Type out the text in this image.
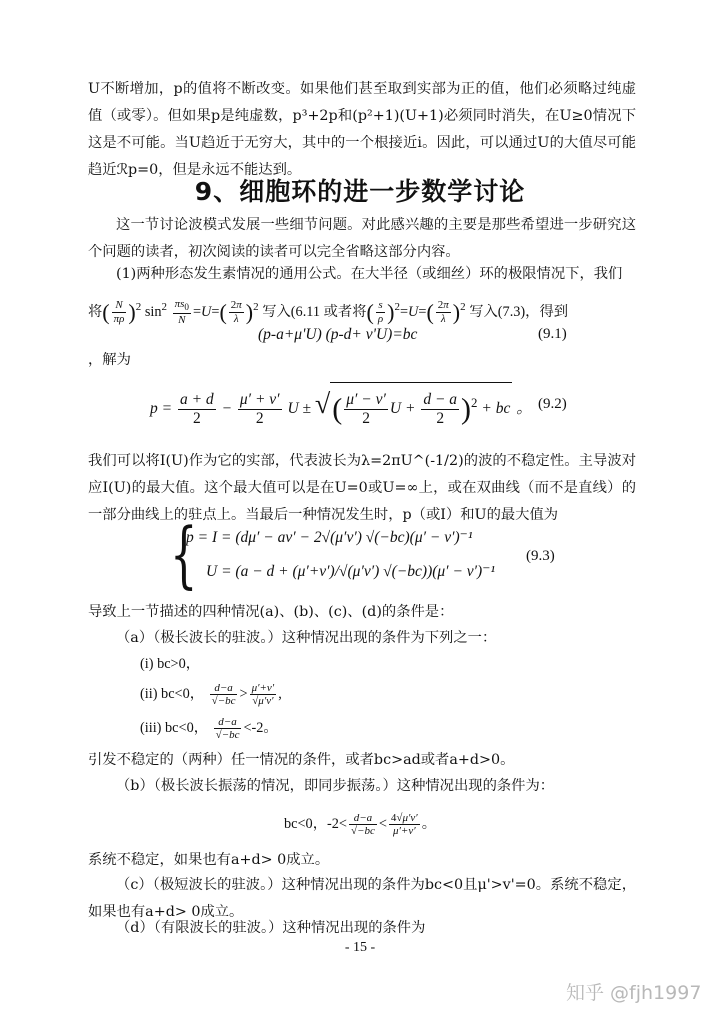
U不断增加，p的值将不断改变。如果他们甚至取到实部为正的值，他们必须略过纯虚值（或零）。但如果p是纯虚数，p³+2p和(p²+1)(U+1)必须同时消失，在U≥0情况下这是不可能。当U趋近于无穷大，其中的一个根接近i。因此，可以通过U的大值尽可能趋近ℛp=0，但是永远不能达到。
9、细胞环的进一步数学讨论
这一节讨论波模式发展一些细节问题。对此感兴趣的主要是那些希望进一步研究这个问题的读者，初次阅读的读者可以完全省略这部分内容。
(1)两种形态发生素情况的通用公式。在大半径（或细丝）环的极限情况下，我们
将( $\frac{N}{\pi\rho} )^2$ $\sin^2 \frac{\pi s_0}{N} =U=( \frac{2\pi}{\lambda} )^2$ 写入(6.11 或者将( $\frac{s}{\rho} )^2=U=( \frac{2\pi}{\lambda} )^2$ 写入(7.3)，得到
(p-a+μ'U) (p-d+ v'U)=bc	(9.1)
，解为
$p = \frac{a + d}{2} - \frac{\mu' + v'}{2}$ U ± √( $\frac{\mu' - v'}{2}$ $U + \frac{d - a}{2} )^2$ + bc 。 (9.2)
我们可以将I(U)作为它的实部，代表波长为λ=2πU^(-1/2)的波的不稳定性。主导波对应I(U)的最大值。这个最大值可以是在U=0或U=∞上，或在双曲线（而不是直线）的一部分曲线上的驻点上。当最后一种情况发生时，p（或I）和U的最大值为
{
p = I = (dμ′ − av′ − 2√(μ′v′) √(−bc)(μ′ − v′)⁻¹
U = (a − d + (μ′+v′)/√(μ′v′) √(−bc))(μ′ − v′)⁻¹
(9.3)
导致上一节描述的四种情况(a)、(b)、(c)、(d)的条件是：
（a）（极长波长的驻波。）这种情况出现的条件为下列之一：
(i) bc>0，
(ii) bc<0， $\frac{d-a}{√-bc} > \frac{\mu'+v'}{√\mu'v'}$ ,
(iii) bc<0， $\frac{d-a}{√-bc} <-2$。
引发不稳定的（两种）任一情况的条件，或者bc>ad或者a+d>0。
（b）（极长波长振荡的情况，即同步振荡。）这种情况出现的条件为：
bc<0，$-2< \frac{d-a}{√-bc} < \frac{4√\mu'v'}{\mu'+v'}$ 。
系统不稳定，如果也有a+d> 0成立。
（c）（极短波长的驻波。）这种情况出现的条件为bc<0且μ'>v'=0。系统不稳定，如果也有a+d> 0成立。
（d）（有限波长的驻波。）这种情况出现的条件为
- 15 -
知乎 @fjh1997
